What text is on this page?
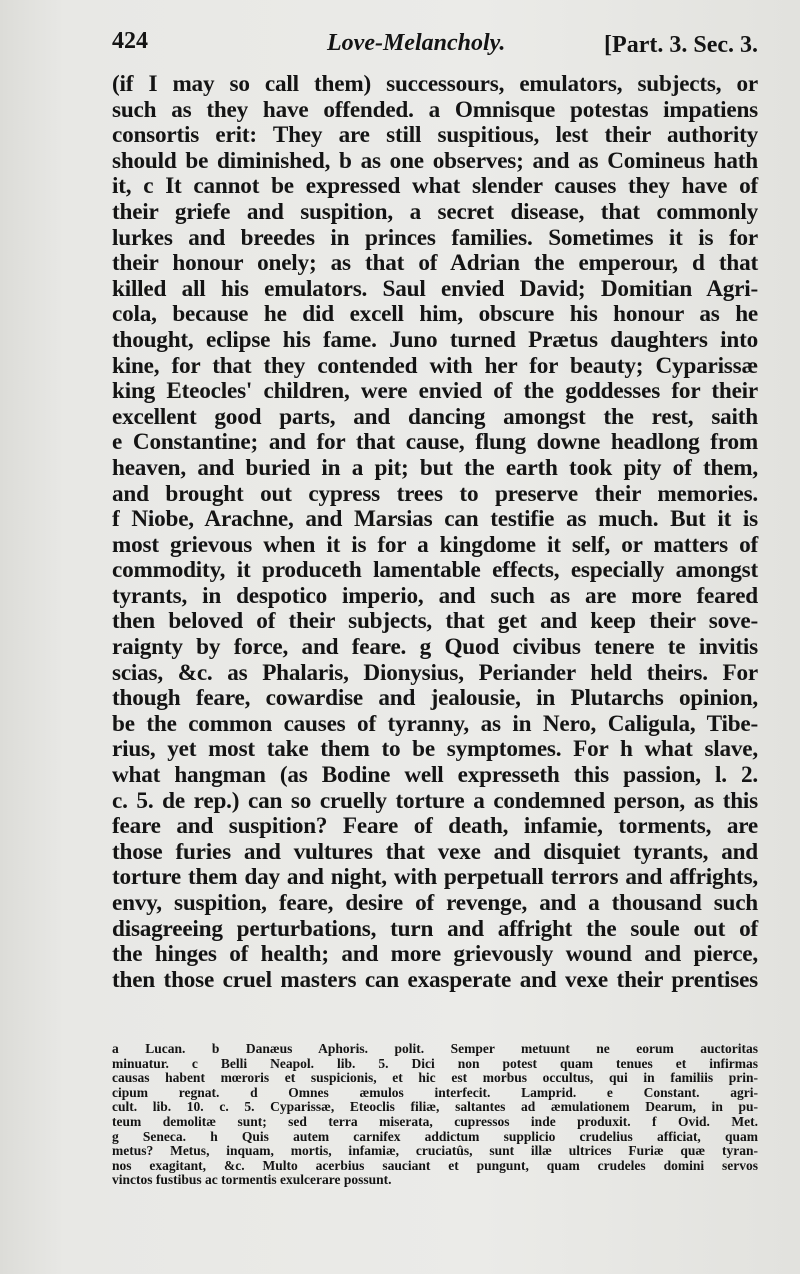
424	Love-Melancholy.	[Part. 3. Sec. 3.
(if I may so call them) successours, emulators, subjects, or
such as they have offended. a Omnisque potestas impatiens
consortis erit: They are still suspitious, lest their authority
should be diminished, b as one observes; and as Comineus hath
it, c It cannot be expressed what slender causes they have of
their griefe and suspition, a secret disease, that commonly
lurkes and breedes in princes families. Sometimes it is for
their honour onely; as that of Adrian the emperour, d that
killed all his emulators. Saul envied David; Domitian Agri-
cola, because he did excell him, obscure his honour as he
thought, eclipse his fame. Juno turned Prætus daughters into
kine, for that they contended with her for beauty; Cyparissæ
king Eteocles' children, were envied of the goddesses for their
excellent good parts, and dancing amongst the rest, saith
e Constantine; and for that cause, flung downe headlong from
heaven, and buried in a pit; but the earth took pity of them,
and brought out cypress trees to preserve their memories.
f Niobe, Arachne, and Marsias can testifie as much. But it is
most grievous when it is for a kingdome it self, or matters of
commodity, it produceth lamentable effects, especially amongst
tyrants, in despotico imperio, and such as are more feared
then beloved of their subjects, that get and keep their sove-
raignty by force, and feare. g Quod civibus tenere te invitis
scias, &c. as Phalaris, Dionysius, Periander held theirs. For
though feare, cowardise and jealousie, in Plutarchs opinion,
be the common causes of tyranny, as in Nero, Caligula, Tibe-
rius, yet most take them to be symptomes. For h what slave,
what hangman (as Bodine well expresseth this passion, l. 2.
c. 5. de rep.) can so cruelly torture a condemned person, as this
feare and suspition? Feare of death, infamie, torments, are
those furies and vultures that vexe and disquiet tyrants, and
torture them day and night, with perpetuall terrors and affrights,
envy, suspition, feare, desire of revenge, and a thousand such
disagreeing perturbations, turn and affright the soule out of
the hinges of health; and more grievously wound and pierce,
then those cruel masters can exasperate and vexe their prentises
a Lucan. b Danæus Aphoris. polit. Semper metuunt ne eorum auctoritas
minuatur. c Belli Neapol. lib. 5. Dici non potest quam tenues et infirmas
causas habent mœroris et suspicionis, et hic est morbus occultus, qui in familiis prin-
cipum regnat. d Omnes æmulos interfecit. Lamprid. e Constant. agri-
cult. lib. 10. c. 5. Cyparissæ, Eteoclis filiæ, saltantes ad æmulationem Dearum, in pu-
teum demolitæ sunt; sed terra miserata, cupressos inde produxit. f Ovid. Met.
g Seneca. h Quis autem carnifex addictum supplicio crudelius afficiat, quam
metus? Metus, inquam, mortis, infamiæ, cruciatûs, sunt illæ ultrices Furiæ quæ tyran-
nos exagitant, &c. Multo acerbius sauciant et pungunt, quam crudeles domini servos
vinctos fustibus ac tormentis exulcerare possunt.
